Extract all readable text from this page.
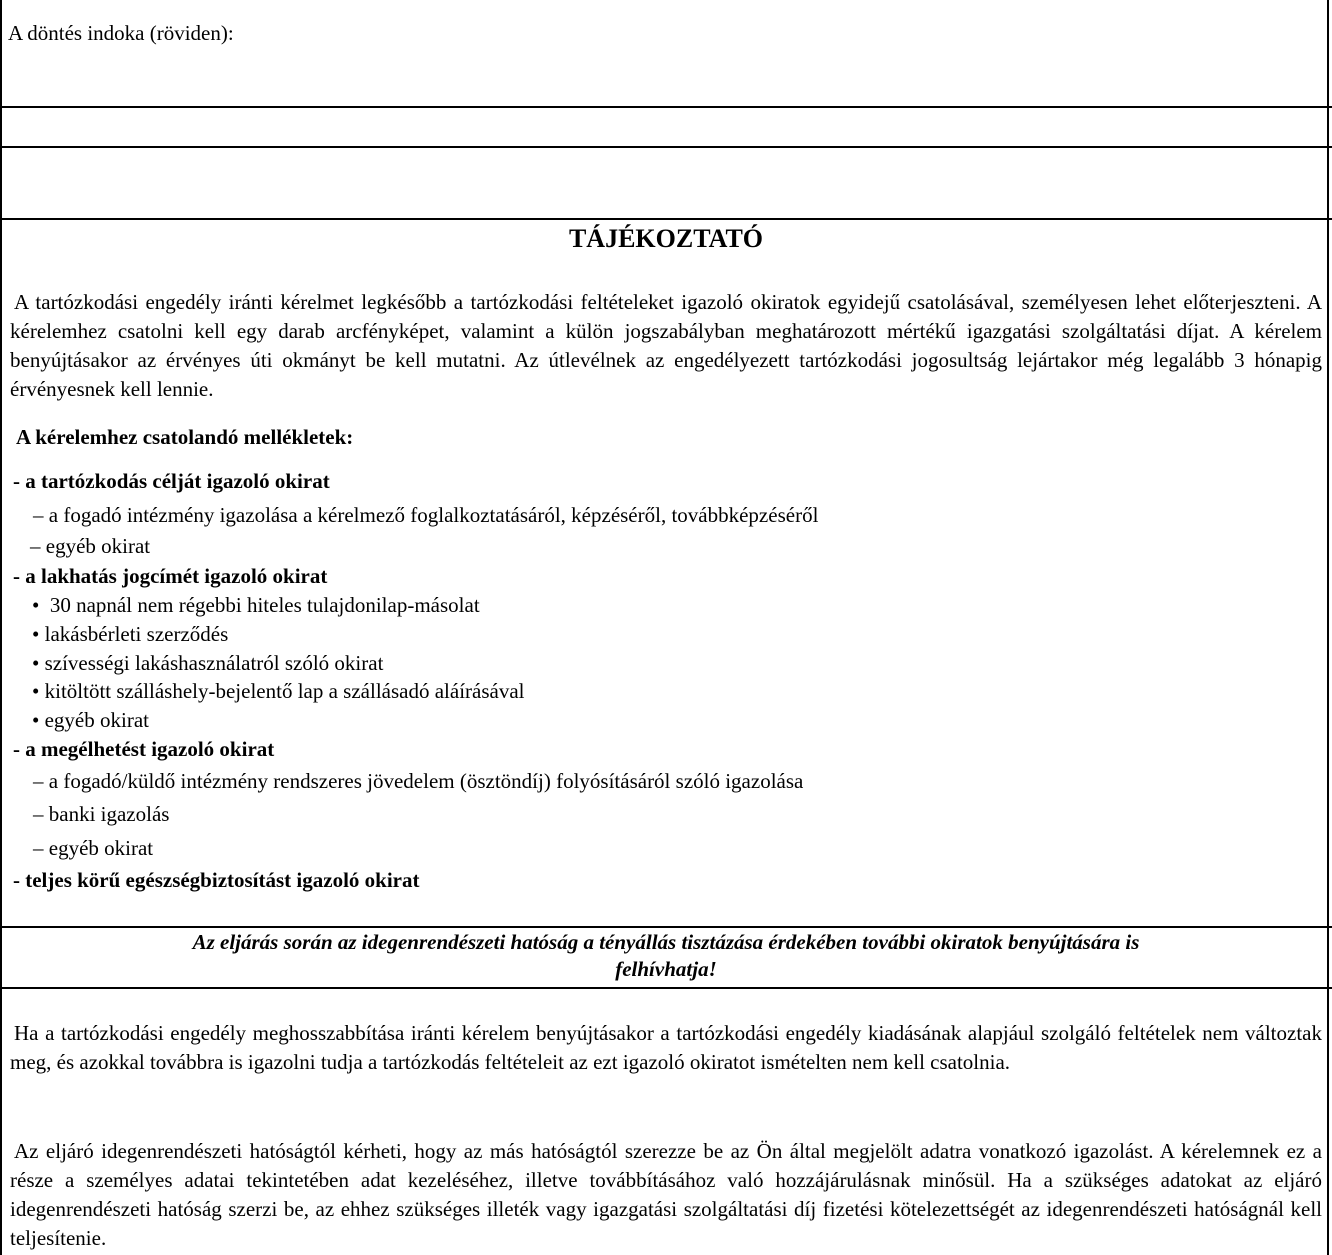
A döntés indoka (röviden):
TÁJÉKOZTATÓ
A tartózkodási engedély iránti kérelmet legkésőbb a tartózkodási feltételeket igazoló okiratok egyidejű csatolásával, személyesen lehet előterjeszteni. A kérelemhez csatolni kell egy darab arcfényképet, valamint a külön jogszabályban meghatározott mértékű igazgatási szolgáltatási díjat. A kérelem benyújtásakor az érvényes úti okmányt be kell mutatni. Az útlevélnek az engedélyezett tartózkodási jogosultság lejártakor még legalább 3 hónapig érvényesnek kell lennie.
A kérelemhez csatolandó mellékletek:
- a tartózkodás célját igazoló okirat
– a fogadó intézmény igazolása a kérelmező foglalkoztatásáról, képzéséről, továbbképzéséről
– egyéb okirat
- a lakhatás jogcímét igazoló okirat
•  30 napnál nem régebbi hiteles tulajdonilap-másolat
• lakásbérleti szerződés
• szívességi lakáshasználatról szóló okirat
• kitöltött szálláshely-bejelentő lap a szállásadó aláírásával
• egyéb okirat
- a megélhetést igazoló okirat
– a fogadó/küldő intézmény rendszeres jövedelem (ösztöndíj) folyósításáról szóló igazolása
– banki igazolás
– egyéb okirat
- teljes körű egészségbiztosítást igazoló okirat
Az eljárás során az idegenrendészeti hatóság a tényállás tisztázása érdekében további okiratok benyújtására is
felhívhatja!
Ha a tartózkodási engedély meghosszabbítása iránti kérelem benyújtásakor a tartózkodási engedély kiadásának alapjául szolgáló feltételek nem változtak meg, és azokkal továbbra is igazolni tudja a tartózkodás feltételeit az ezt igazoló okiratot ismételten nem kell csatolnia.
Az eljáró idegenrendészeti hatóságtól kérheti, hogy az más hatóságtól szerezze be az Ön által megjelölt adatra vonatkozó igazolást. A kérelemnek ez a része a személyes adatai tekintetében adat kezeléséhez, illetve továbbításához való hozzájárulásnak minősül. Ha a szükséges adatokat az eljáró idegenrendészeti hatóság szerzi be, az ehhez szükséges illeték vagy igazgatási szolgáltatási díj fizetési kötelezettségét az idegenrendészeti hatóságnál kell teljesítenie.
